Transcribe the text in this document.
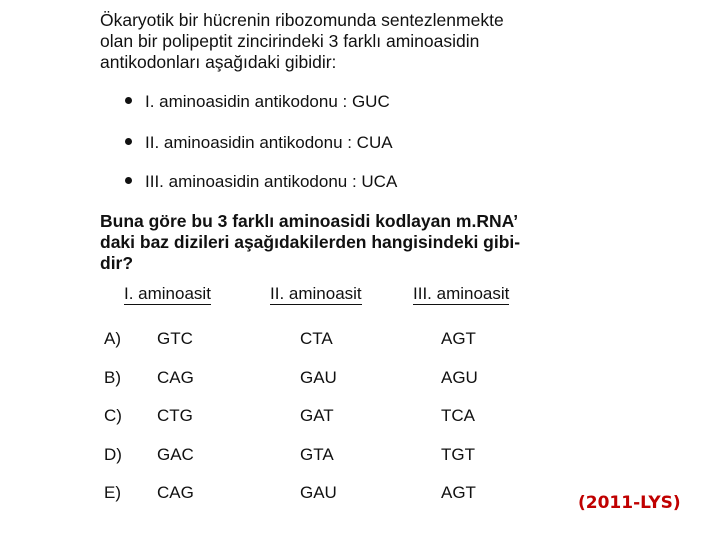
Ökaryotik bir hücrenin ribozomunda sentezlenmekte
olan bir polipeptit zincirindeki 3 farklı aminoasidin
antikodonları aşağıdaki gibidir:
I. aminoasidin antikodonu : GUC
II. aminoasidin antikodonu : CUA
III. aminoasidin antikodonu : UCA
Buna göre bu 3 farklı aminoasidi kodlayan m.RNA’
daki baz dizileri aşağıdakilerden hangisindeki gibi-
dir?
I. aminoasit	II. aminoasit	III. aminoasit
A) GTC	CTA	AGT
B) CAG	GAU	AGU
C) CTG	GAT	TCA
D) GAC	GTA	TGT
E) CAG	GAU	AGT
(2011-LYS)
